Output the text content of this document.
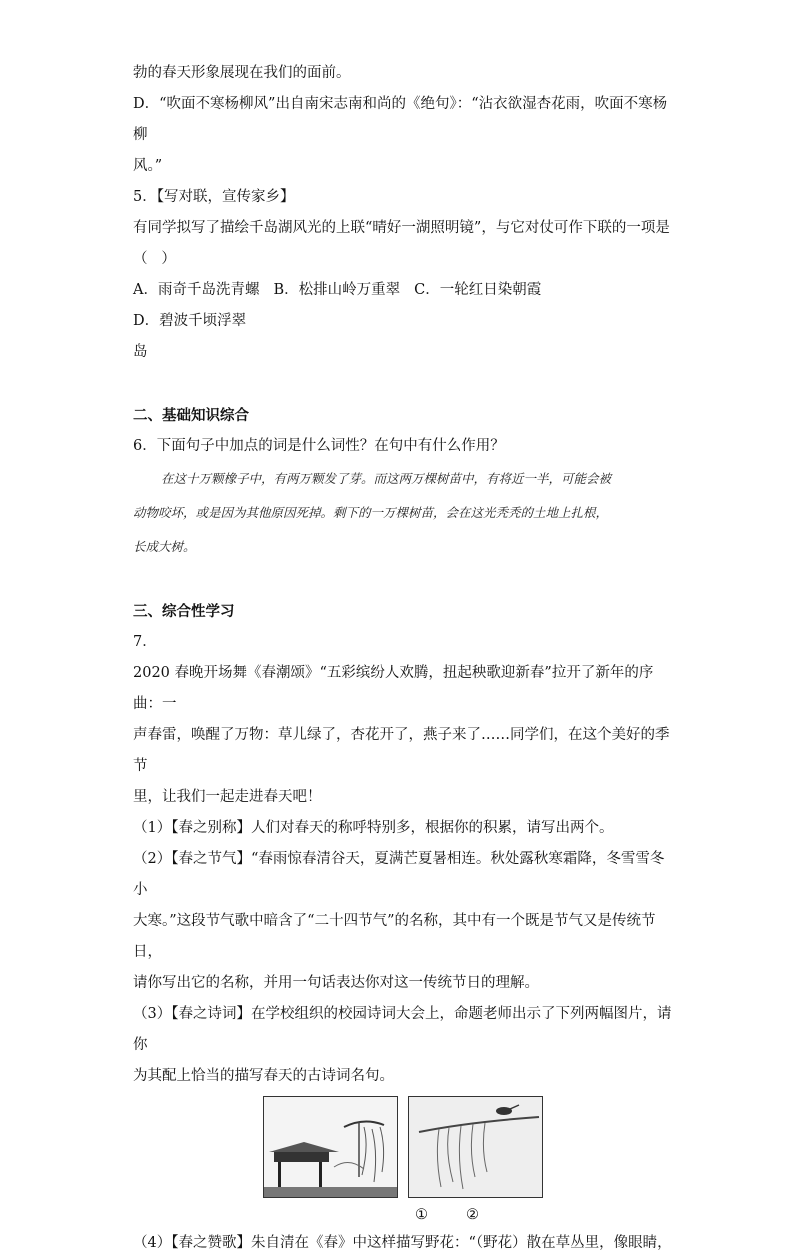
勃的春天形象展现在我们的面前。

D．“吹面不寒杨柳风”出自南宋志南和尚的《绝句》：“沾衣欲湿杏花雨，吹面不寒杨柳

风。”

5．【写对联，宣传家乡】

有同学拟写了描绘千岛湖风光的上联“晴好一湖照明镜”，与它对仗可作下联的一项是

（   ）

A．雨奇千岛洗青螺 B．松排山岭万重翠 C．一轮红日染朝霞
D．碧波千顷浮翠

岛

二、基础知识综合

6．下面句子中加点的词是什么词性？在句中有什么作用？

在这十万颗橡子中，有两万颗发了芽。而这两万棵树苗中，有将近一半，可能会被

动物咬坏，或是因为其他原因死掉。剩下的一万棵树苗，会在这光秃秃的土地上扎根，

长成大树。

三、综合性学习

7．

2020 春晚开场舞《春潮颂》“五彩缤纷人欢腾，扭起秧歌迎新春”拉开了新年的序曲：一

声春雷，唤醒了万物：草儿绿了，杏花开了，燕子来了……同学们，在这个美好的季节

里，让我们一起走进春天吧！

（1）【春之别称】人们对春天的称呼特别多，根据你的积累，请写出两个。

（2）【春之节气】“春雨惊春清谷天，夏满芒夏暑相连。秋处露秋寒霜降，冬雪雪冬小

大寒。”这段节气歌中暗含了“二十四节气”的名称，其中有一个既是节气又是传统节日，

请你写出它的名称，并用一句话表达你对这一传统节日的理解。

（3）【春之诗词】在学校组织的校园诗词大会上，命题老师出示了下列两幅图片，请你

为其配上恰当的描写春天的古诗词名句。

①	②

（4）【春之赞歌】朱自清在《春》中这样描写野花：“（野花）散在草丛里，像眼睛，
